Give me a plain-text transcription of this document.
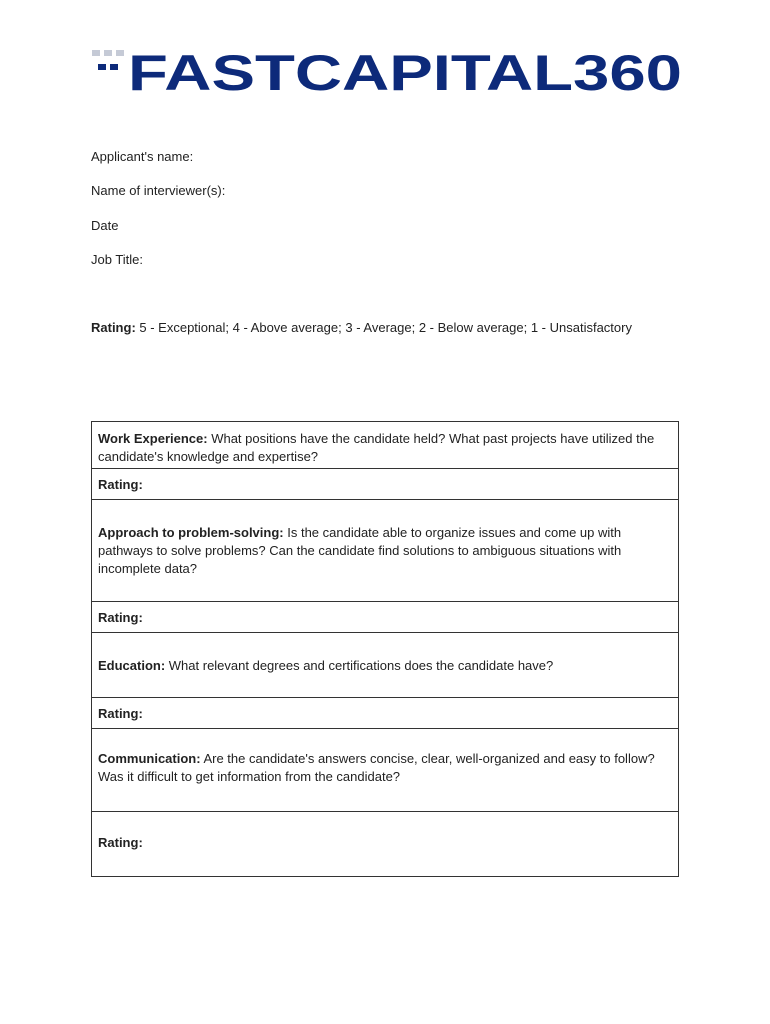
FASTCAPITAL360
Applicant's name:
Name of interviewer(s):
Date
Job Title:
Rating: 5 - Exceptional; 4 - Above average; 3 - Average; 2 - Below average; 1 - Unsatisfactory
Work Experience: What positions have the candidate held? What past projects have utilized the candidate's knowledge and expertise?
Rating:
Approach to problem-solving: Is the candidate able to organize issues and come up with pathways to solve problems? Can the candidate find solutions to ambiguous situations with incomplete data?
Rating:
Education: What relevant degrees and certifications does the candidate have?
Rating:
Communication: Are the candidate's answers concise, clear, well-organized and easy to follow? Was it difficult to get information from the candidate?
Rating:
